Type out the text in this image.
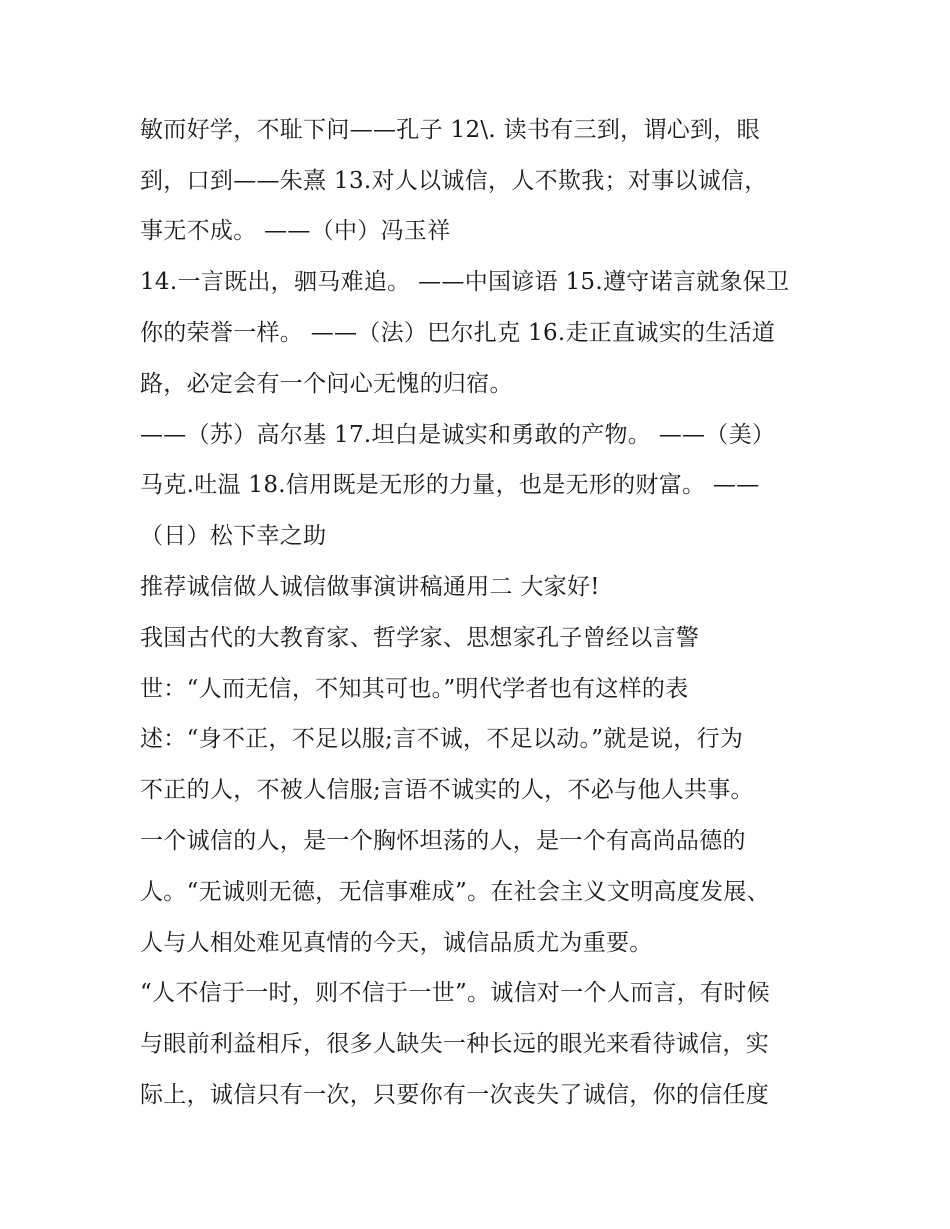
敏而好学，不耻下问——孔子 12\. 读书有三到，谓心到，眼
到，口到——朱熹 13.对人以诚信，人不欺我；对事以诚信，
事无不成。 ——（中）冯玉祥
14.一言既出，驷马难追。 ——中国谚语 15.遵守诺言就象保卫
你的荣誉一样。 ——（法）巴尔扎克 16.走正直诚实的生活道
路，必定会有一个问心无愧的归宿。
——（苏）高尔基 17.坦白是诚实和勇敢的产物。 ——（美）
马克.吐温 18.信用既是无形的力量，也是无形的财富。 ——
（日）松下幸之助
推荐诚信做人诚信做事演讲稿通用二 大家好!
我国古代的大教育家、哲学家、思想家孔子曾经以言警
世：“人而无信，不知其可也。”明代学者也有这样的表
述：“身不正，不足以服;言不诚，不足以动。”就是说，行为
不正的人，不被人信服;言语不诚实的人，不必与他人共事。
一个诚信的人，是一个胸怀坦荡的人，是一个有高尚品德的
人。“无诚则无德，无信事难成”。在社会主义文明高度发展、
人与人相处难见真情的今天，诚信品质尤为重要。
“人不信于一时，则不信于一世”。诚信对一个人而言，有时候
与眼前利益相斥，很多人缺失一种长远的眼光来看待诚信，实
际上，诚信只有一次，只要你有一次丧失了诚信，你的信任度
